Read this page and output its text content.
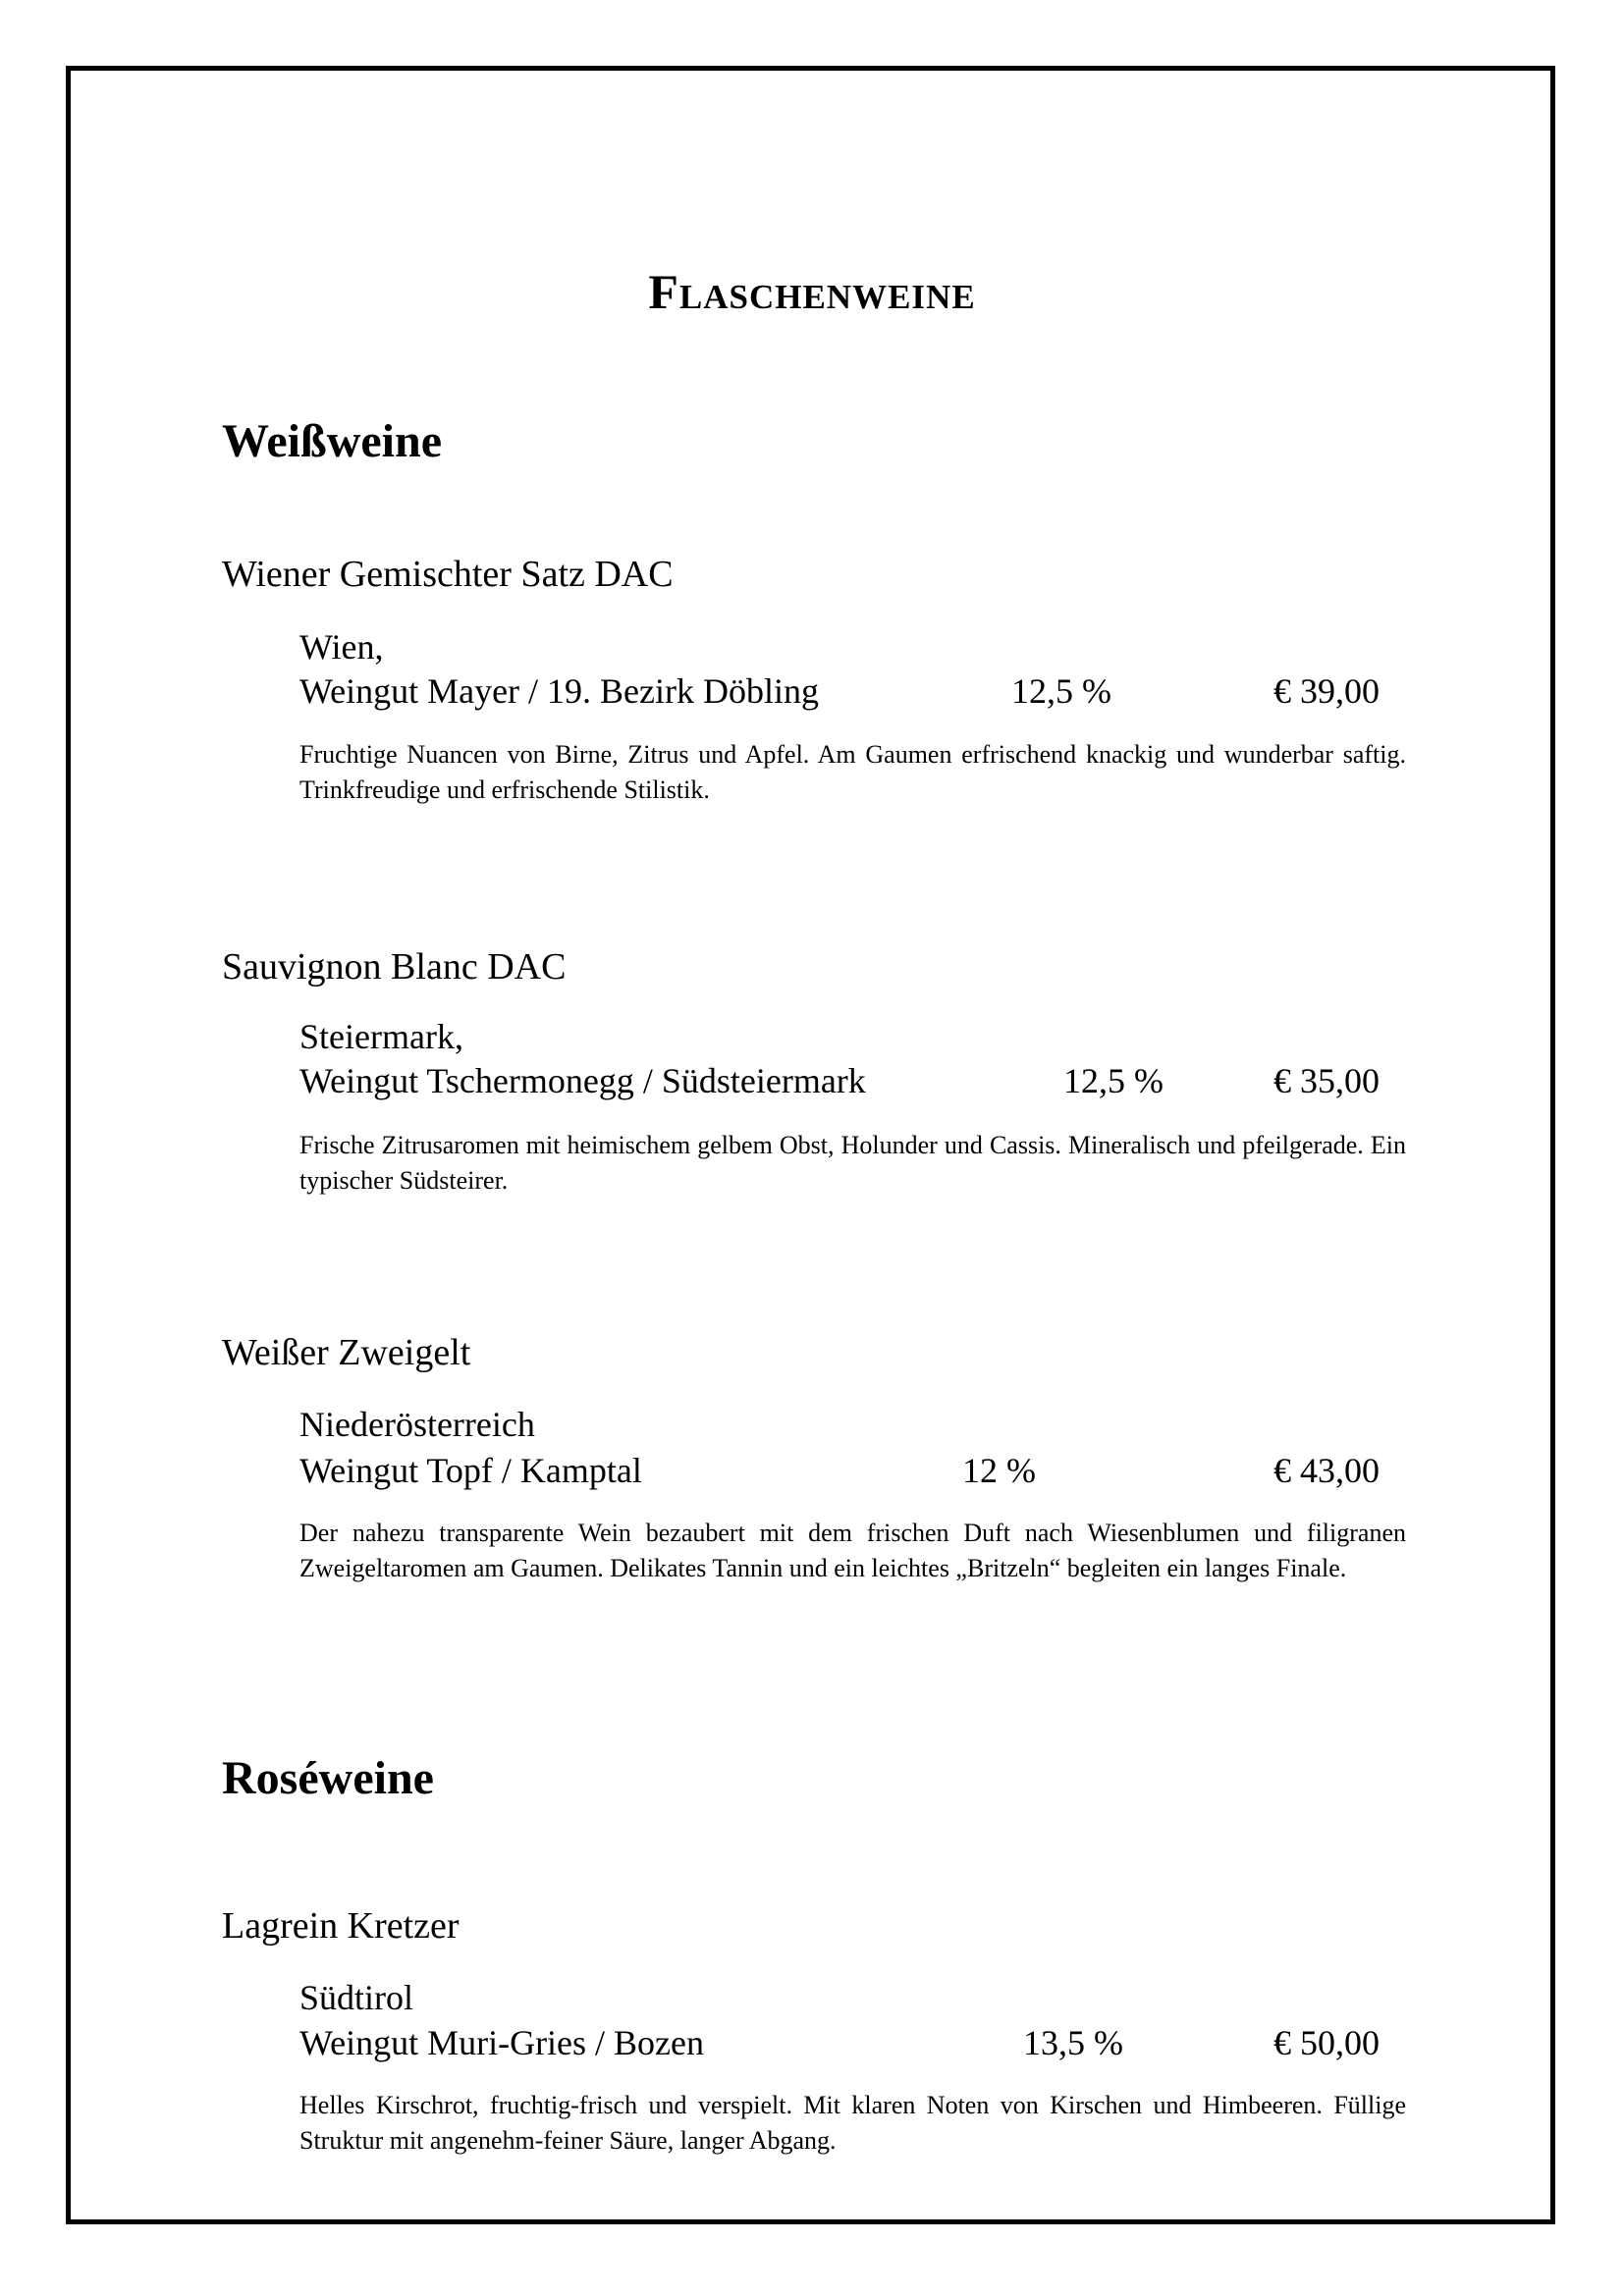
Flaschenweine
Weißweine
Wiener Gemischter Satz DAC
Wien,
Weingut Mayer / 19. Bezirk Döbling	12,5 %	€ 39,00

Fruchtige Nuancen von Birne, Zitrus und Apfel. Am Gaumen erfrischend knackig und wunderbar saftig. Trinkfreudige und erfrischende Stilistik.

Sauvignon Blanc DAC
Steiermark,
Weingut Tschermonegg / Südsteiermark	12,5 %	€ 35,00

Frische Zitrusaromen mit heimischem gelbem Obst, Holunder und Cassis. Mineralisch und pfeilgerade. Ein typischer Südsteirer.

Weißer Zweigelt
Niederösterreich
Weingut Topf / Kamptal	12 %	€ 43,00

Der nahezu transparente Wein bezaubert mit dem frischen Duft nach Wiesenblumen und filigranen Zweigeltaromen am Gaumen. Delikates Tannin und ein leichtes „Britzeln“ begleiten ein langes Finale.

Roséweine
Lagrein Kretzer
Südtirol
Weingut Muri-Gries / Bozen	13,5 %	€ 50,00

Helles Kirschrot, fruchtig-frisch und verspielt. Mit klaren Noten von Kirschen und Himbeeren. Füllige Struktur mit angenehm-feiner Säure, langer Abgang.
